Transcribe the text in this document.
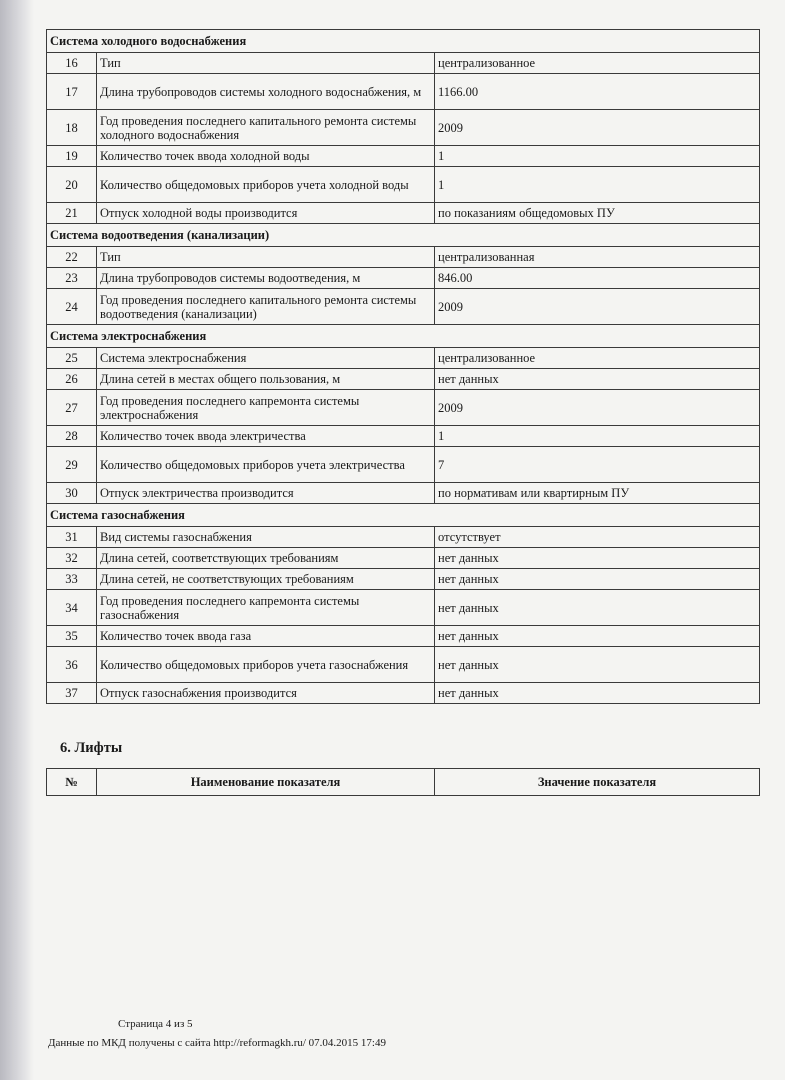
Система холодного водоснабжения		
16	Тип	централизованное
17	Длина трубопроводов системы холодного водоснабжения, м	1166.00
18	Год проведения последнего капитального ремонта системы холодного водоснабжения	2009
19	Количество точек ввода холодной воды	1
20	Количество общедомовых приборов учета холодной воды	1
21	Отпуск холодной воды производится	по показаниям общедомовых ПУ
Система водоотведения (канализации)		
22	Тип	централизованная
23	Длина трубопроводов системы водоотведения, м	846.00
24	Год проведения последнего капитального ремонта системы водоотведения (канализации)	2009
Система электроснабжения		
25	Система электроснабжения	централизованное
26	Длина сетей в местах общего пользования, м	нет данных
27	Год проведения последнего капремонта системы электроснабжения	2009
28	Количество точек ввода электричества	1
29	Количество общедомовых приборов учета электричества	7
30	Отпуск электричества производится	по нормативам или квартирным ПУ
Система газоснабжения		
31	Вид системы газоснабжения	отсутствует
32	Длина сетей, соответствующих требованиям	нет данных
33	Длина сетей, не соответствующих требованиям	нет данных
34	Год проведения последнего капремонта системы газоснабжения	нет данных
35	Количество точек ввода газа	нет данных
36	Количество общедомовых приборов учета газоснабжения	нет данных
37	Отпуск газоснабжения производится	нет данных
6. Лифты
№	Наименование показателя	Значение показателя
Страница 4 из 5
Данные по МКД получены с сайта http://reformagkh.ru/ 07.04.2015 17:49
